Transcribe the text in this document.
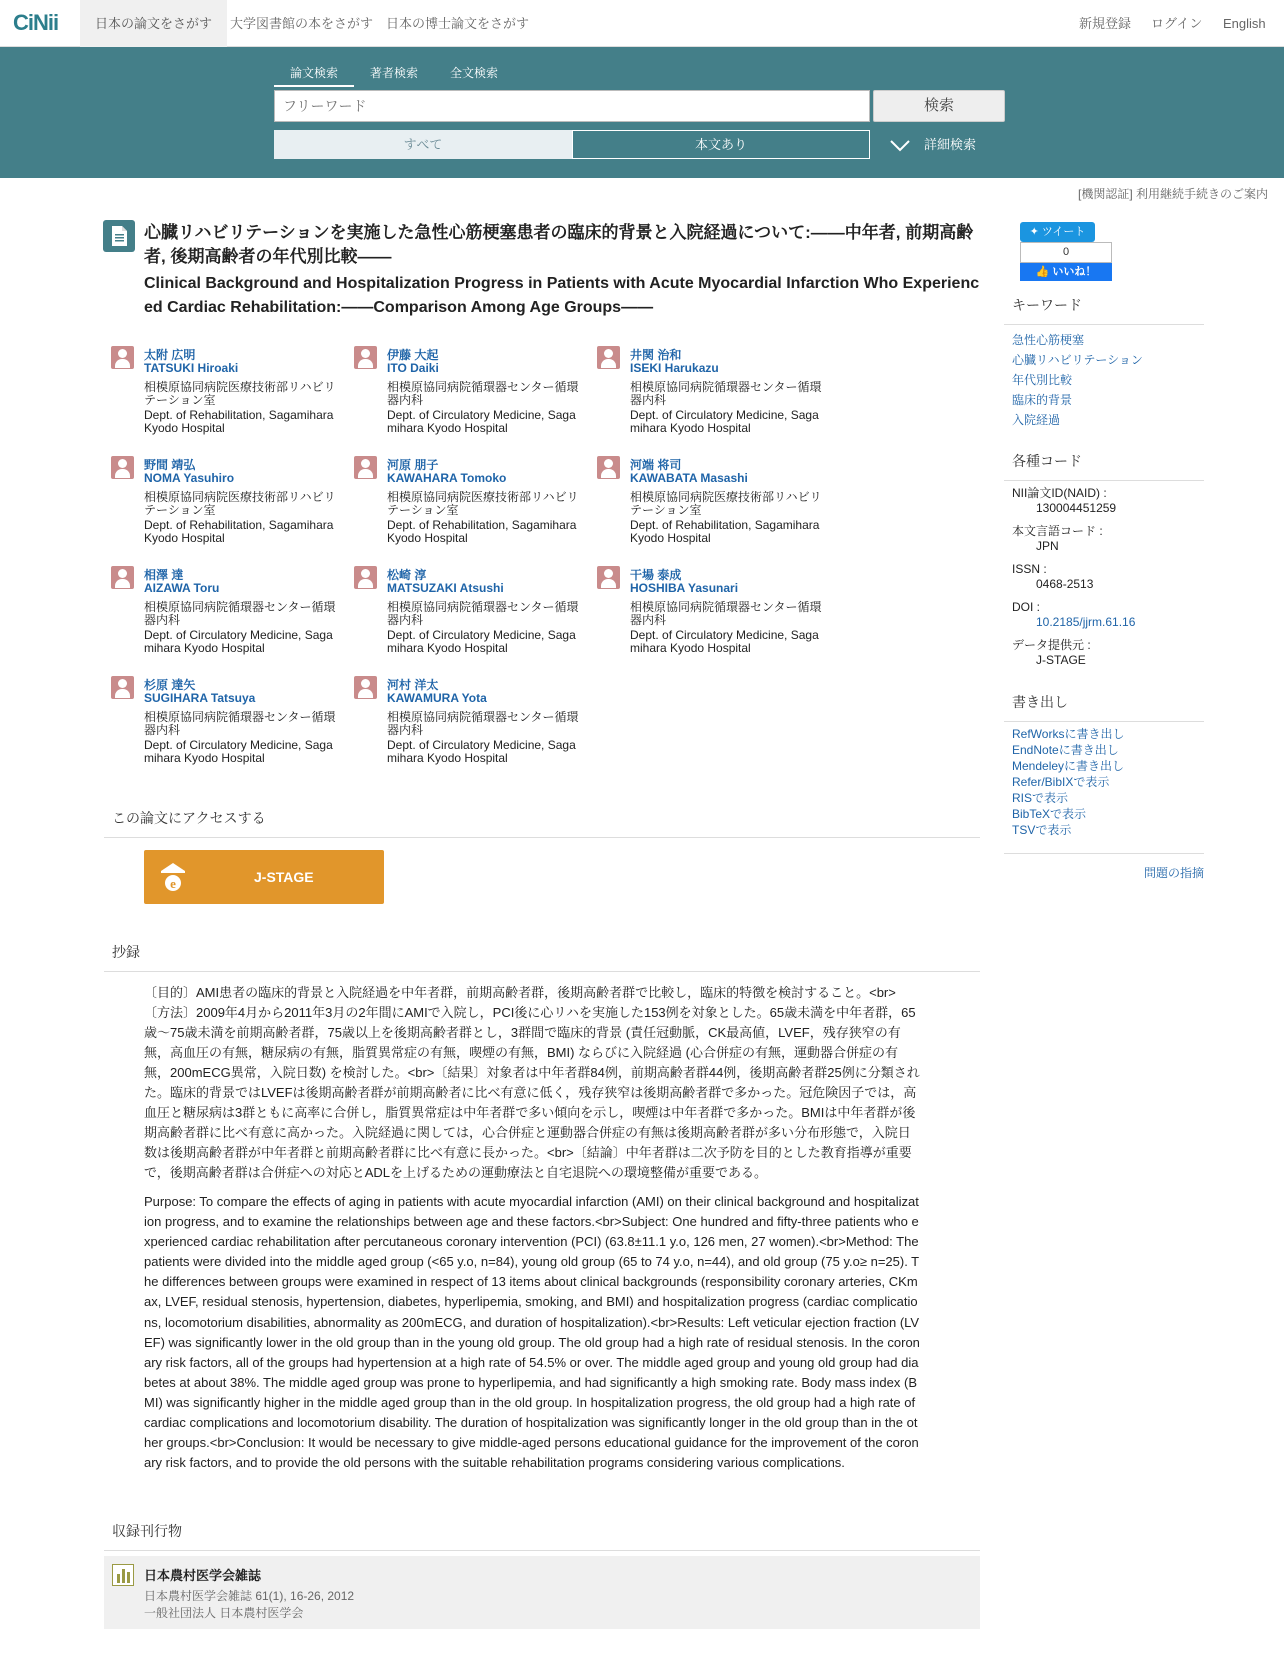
CiNii	日本の論文をさがす	大学図書館の本をさがす 日本の博士論文をさがす	新規登録 ログイン English
論文検索	著者検索	全文検索
フリーワード
検索
すべて	本文あり	詳細検索
[機関認証] 利用継続手続きのご案内
心臓リハビリテーションを実施した急性心筋梗塞患者の臨床的背景と入院経過について:――中年者, 前期高齢者, 後期高齢者の年代別比較――
Clinical Background and Hospitalization Progress in Patients with Acute Myocardial Infarction Who Experienced Cardiac Rehabilitation:――Comparison Among Age Groups――
太附 広明
TATSUKI Hiroaki
相模原協同病院医療技術部リハビリテーション室
Dept. of Rehabilitation, Sagamihara Kyodo Hospital
伊藤 大起
ITO Daiki
相模原協同病院循環器センター循環器内科
Dept. of Circulatory Medicine, Sagamihara Kyodo Hospital
井関 治和
ISEKI Harukazu
相模原協同病院循環器センター循環器内科
Dept. of Circulatory Medicine, Sagamihara Kyodo Hospital
野間 靖弘
NOMA Yasuhiro
相模原協同病院医療技術部リハビリテーション室
Dept. of Rehabilitation, Sagamihara Kyodo Hospital
河原 朋子
KAWAHARA Tomoko
相模原協同病院医療技術部リハビリテーション室
Dept. of Rehabilitation, Sagamihara Kyodo Hospital
河端 将司
KAWABATA Masashi
相模原協同病院医療技術部リハビリテーション室
Dept. of Rehabilitation, Sagamihara Kyodo Hospital
相澤 達
AIZAWA Toru
相模原協同病院循環器センター循環器内科
Dept. of Circulatory Medicine, Sagamihara Kyodo Hospital
松崎 淳
MATSUZAKI Atsushi
相模原協同病院循環器センター循環器内科
Dept. of Circulatory Medicine, Sagamihara Kyodo Hospital
干場 泰成
HOSHIBA Yasunari
相模原協同病院循環器センター循環器内科
Dept. of Circulatory Medicine, Sagamihara Kyodo Hospital
杉原 達矢
SUGIHARA Tatsuya
相模原協同病院循環器センター循環器内科
Dept. of Circulatory Medicine, Sagamihara Kyodo Hospital
河村 洋太
KAWAMURA Yota
相模原協同病院循環器センター循環器内科
Dept. of Circulatory Medicine, Sagamihara Kyodo Hospital
この論文にアクセスする
e	J-STAGE
抄録

〔目的〕AMI患者の臨床的背景と入院経過を中年者群，前期高齢者群，後期高齢者群で比較し，臨床的特徴を検討すること。<br>〔方法〕2009年4月から2011年3月の2年間にAMIで入院し，PCI後に心リハを実施した153例を対象とした。65歳未満を中年者群，65歳～75歳未満を前期高齢者群，75歳以上を後期高齢者群とし，3群間で臨床的背景 (責任冠動脈，CK最高値，LVEF，残存狭窄の有無，高血圧の有無，糖尿病の有無，脂質異常症の有無，喫煙の有無，BMI) ならびに入院経過 (心合併症の有無，運動器合併症の有無，200mECG異常，入院日数) を検討した。<br>〔結果〕対象者は中年者群84例，前期高齢者群44例，後期高齢者群25例に分類された。臨床的背景ではLVEFは後期高齢者群が前期高齢者に比べ有意に低く，残存狭窄は後期高齢者群で多かった。冠危険因子では，高血圧と糖尿病は3群ともに高率に合併し，脂質異常症は中年者群で多い傾向を示し，喫煙は中年者群で多かった。BMIは中年者群が後期高齢者群に比べ有意に高かった。入院経過に関しては，心合併症と運動器合併症の有無は後期高齢者群が多い分布形態で，入院日数は後期高齢者群が中年者群と前期高齢者群に比べ有意に長かった。<br>〔結論〕中年者群は二次予防を目的とした教育指導が重要で，後期高齢者群は合併症への対応とADLを上げるための運動療法と自宅退院への環境整備が重要である。

Purpose: To compare the effects of aging in patients with acute myocardial infarction (AMI) on their clinical background and hospitalization progress, and to examine the relationships between age and these factors.<br>Subject: One hundred and fifty-three patients who experienced cardiac rehabilitation after percutaneous coronary intervention (PCI) (63.8±11.1 y.o, 126 men, 27 women).<br>Method: The patients were divided into the middle aged group (<65 y.o, n=84), young old group (65 to 74 y.o, n=44), and old group (75 y.o≥ n=25). The differences between groups were examined in respect of 13 items about clinical backgrounds (responsibility coronary arteries, CKmax, LVEF, residual stenosis, hypertension, diabetes, hyperlipemia, smoking, and BMI) and hospitalization progress (cardiac complications, locomotorium disabilities, abnormality as 200mECG, and duration of hospitalization).<br>Results: Left veticular ejection fraction (LVEF) was significantly lower in the old group than in the young old group. The old group had a high rate of residual stenosis. In the coronary risk factors, all of the groups had hypertension at a high rate of 54.5% or over. The middle aged group and young old group had diabetes at about 38%. The middle aged group was prone to hyperlipemia, and had significantly a high smoking rate. Body mass index (BMI) was significantly higher in the middle aged group than in the old group. In hospitalization progress, the old group had a high rate of cardiac complications and locomotorium disability. The duration of hospitalization was significantly longer in the old group than in the other groups.<br>Conclusion: It would be necessary to give middle-aged persons educational guidance for the improvement of the coronary risk factors, and to provide the old persons with the suitable rehabilitation programs considering various complications.

収録刊行物
日本農村医学会雑誌
日本農村医学会雑誌 61(1), 16-26, 2012
一般社団法人 日本農村医学会
✦ ツイート
0
👍 いいね！
キーワード
急性心筋梗塞
心臓リハビリテーション
年代別比較
臨床的背景
入院経過
各種コード
NII論文ID(NAID) :
130004451259
本文言語コード :
JPN
ISSN :
0468-2513
DOI :
10.2185/jjrm.61.16
データ提供元 :
J-STAGE
書き出し
RefWorksに書き出し
EndNoteに書き出し
Mendeleyに書き出し
Refer/BibIXで表示
RISで表示
BibTeXで表示
TSVで表示
問題の指摘
